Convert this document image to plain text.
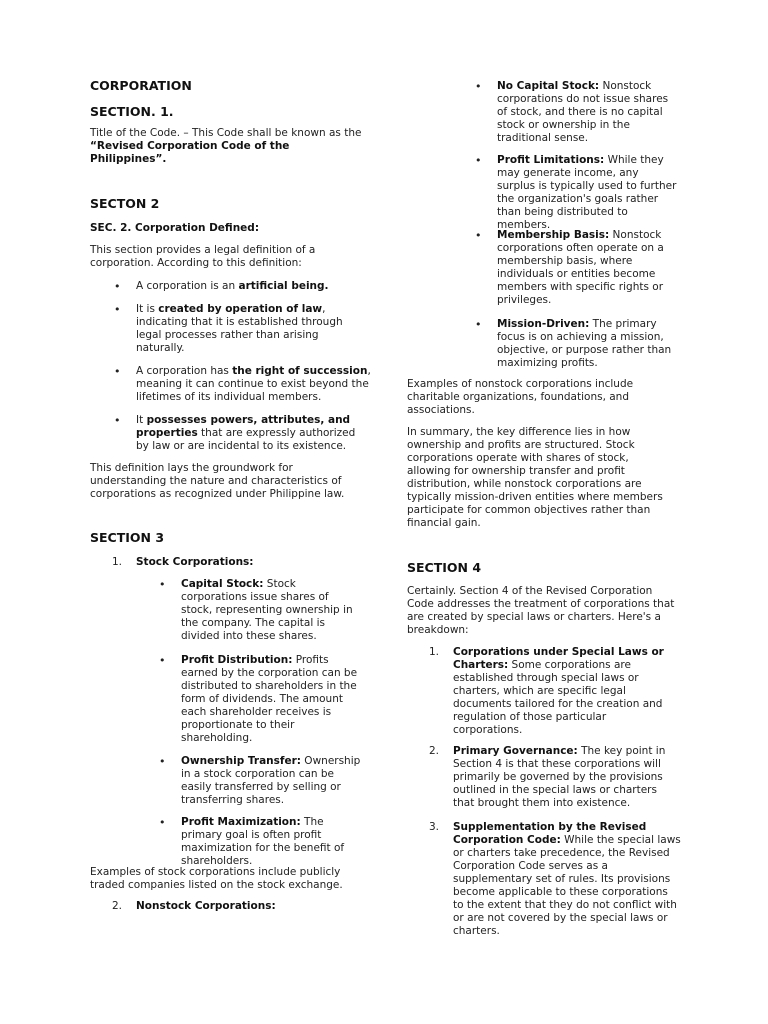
CORPORATION
SECTION. 1.

Title of the Code. – This Code shall be known as the “Revised Corporation Code of the Philippines”.

SECTON 2

SEC. 2. Corporation Defined:

This section provides a legal definition of a corporation. According to this definition:

• A corporation is an artificial being.

• It is created by operation of law, indicating that it is established through legal processes rather than arising naturally.

• A corporation has the right of succession, meaning it can continue to exist beyond the lifetimes of its individual members.

• It possesses powers, attributes, and properties that are expressly authorized by law or are incidental to its existence.

This definition lays the groundwork for understanding the nature and characteristics of corporations as recognized under Philippine law.

SECTION 3

1. Stock Corporations:

• Capital Stock: Stock corporations issue shares of stock, representing ownership in the company. The capital is divided into these shares.

• Profit Distribution: Profits earned by the corporation can be distributed to shareholders in the form of dividends. The amount each shareholder receives is proportionate to their shareholding.

• Ownership Transfer: Ownership in a stock corporation can be easily transferred by selling or transferring shares.

• Profit Maximization: The primary goal is often profit maximization for the benefit of shareholders.

Examples of stock corporations include publicly traded companies listed on the stock exchange.

2. Nonstock Corporations:

• No Capital Stock: Nonstock corporations do not issue shares of stock, and there is no capital stock or ownership in the traditional sense.

• Profit Limitations: While they may generate income, any surplus is typically used to further the organization's goals rather than being distributed to members.

• Membership Basis: Nonstock corporations often operate on a membership basis, where individuals or entities become members with specific rights or privileges.

• Mission-Driven: The primary focus is on achieving a mission, objective, or purpose rather than maximizing profits.

Examples of nonstock corporations include charitable organizations, foundations, and associations.

In summary, the key difference lies in how ownership and profits are structured. Stock corporations operate with shares of stock, allowing for ownership transfer and profit distribution, while nonstock corporations are typically mission-driven entities where members participate for common objectives rather than financial gain.

SECTION 4

Certainly. Section 4 of the Revised Corporation Code addresses the treatment of corporations that are created by special laws or charters. Here's a breakdown:

1. Corporations under Special Laws or Charters: Some corporations are established through special laws or charters, which are specific legal documents tailored for the creation and regulation of those particular corporations.

2. Primary Governance: The key point in Section 4 is that these corporations will primarily be governed by the provisions outlined in the special laws or charters that brought them into existence.

3. Supplementation by the Revised Corporation Code: While the special laws or charters take precedence, the Revised Corporation Code serves as a supplementary set of rules. Its provisions become applicable to these corporations to the extent that they do not conflict with or are not covered by the special laws or charters.
